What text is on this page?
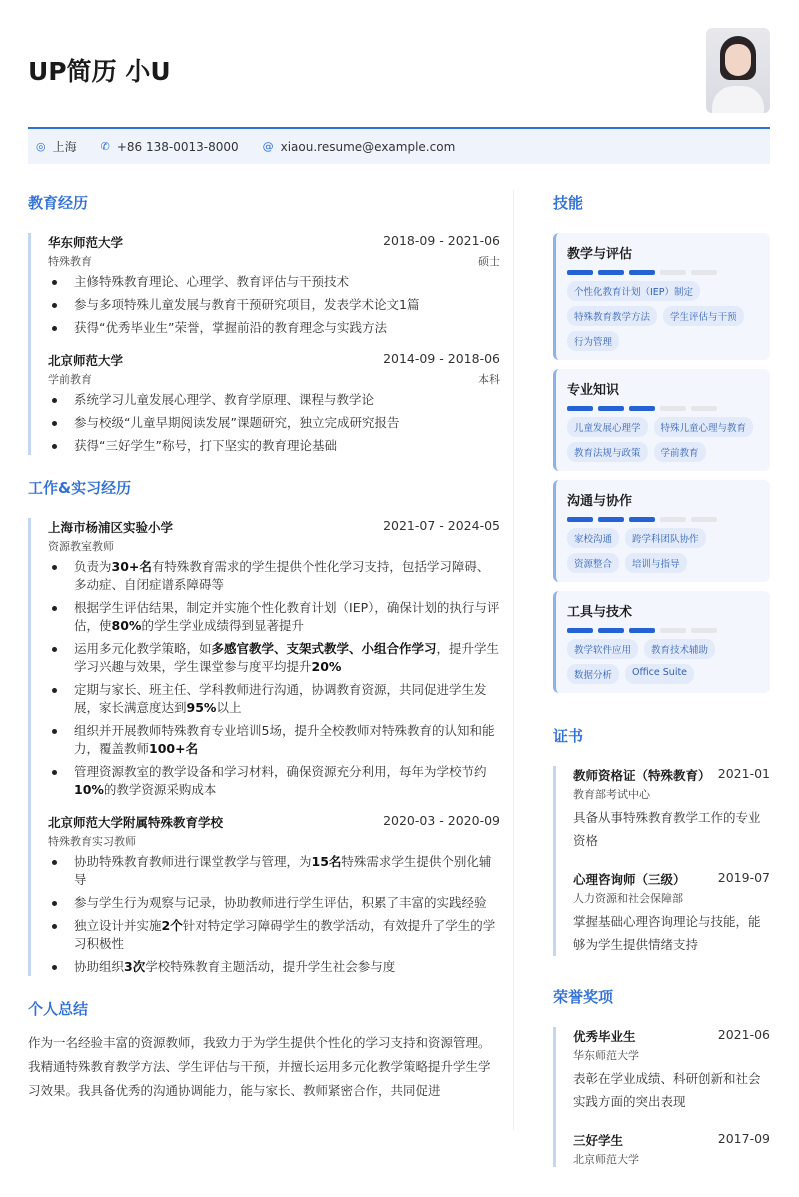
UP简历 小U
◎ 上海 ✆ +86 138-0013-8000 @ xiaou.resume@example.com
教育经历
华东师范大学	2018-09 - 2021-06
特殊教育	硕士
主修特殊教育理论、心理学、教育评估与干预技术
参与多项特殊儿童发展与教育干预研究项目，发表学术论文1篇
获得“优秀毕业生”荣誉，掌握前沿的教育理念与实践方法
北京师范大学	2014-09 - 2018-06
学前教育	本科
系统学习儿童发展心理学、教育学原理、课程与教学论
参与校级“儿童早期阅读发展”课题研究，独立完成研究报告
获得“三好学生”称号，打下坚实的教育理论基础
工作&实习经历
上海市杨浦区实验小学	2021-07 - 2024-05
资源教室教师
负责为30+名有特殊教育需求的学生提供个性化学习支持，包括学习障碍、多动症、自闭症谱系障碍等
根据学生评估结果，制定并实施个性化教育计划（IEP），确保计划的执行与评估，使80%的学生学业成绩得到显著提升
运用多元化教学策略，如多感官教学、支架式教学、小组合作学习，提升学生学习兴趣与效果，学生课堂参与度平均提升20%
定期与家长、班主任、学科教师进行沟通，协调教育资源，共同促进学生发展，家长满意度达到95%以上
组织并开展教师特殊教育专业培训5场，提升全校教师对特殊教育的认知和能力，覆盖教师100+名
管理资源教室的教学设备和学习材料，确保资源充分利用，每年为学校节约10%的教学资源采购成本
北京师范大学附属特殊教育学校	2020-03 - 2020-09
特殊教育实习教师
协助特殊教育教师进行课堂教学与管理，为15名特殊需求学生提供个别化辅导
参与学生行为观察与记录，协助教师进行学生评估，积累了丰富的实践经验
独立设计并实施2个针对特定学习障碍学生的教学活动，有效提升了学生的学习积极性
协助组织3次学校特殊教育主题活动，提升学生社会参与度
个人总结
作为一名经验丰富的资源教师，我致力于为学生提供个性化的学习支持和资源管理。我精通特殊教育教学方法、学生评估与干预，并擅长运用多元化教学策略提升学生学习效果。我具备优秀的沟通协调能力，能与家长、教师紧密合作，共同促进
技能
教学与评估
个性化教育计划（IEP）制定
特殊教育教学方法	学生评估与干预
行为管理
专业知识
儿童发展心理学	特殊儿童心理与教育
教育法规与政策	学前教育
沟通与协作
家校沟通	跨学科团队协作
资源整合	培训与指导
工具与技术
教学软件应用	教育技术辅助
数据分析	Office Suite
证书
教师资格证（特殊教育） 2021-01
教育部考试中心
具备从事特殊教育教学工作的专业资格
心理咨询师（三级）	2019-07
人力资源和社会保障部
掌握基础心理咨询理论与技能，能够为学生提供情绪支持
荣誉奖项
优秀毕业生	2021-06
华东师范大学
表彰在学业成绩、科研创新和社会实践方面的突出表现
三好学生	2017-09
北京师范大学
